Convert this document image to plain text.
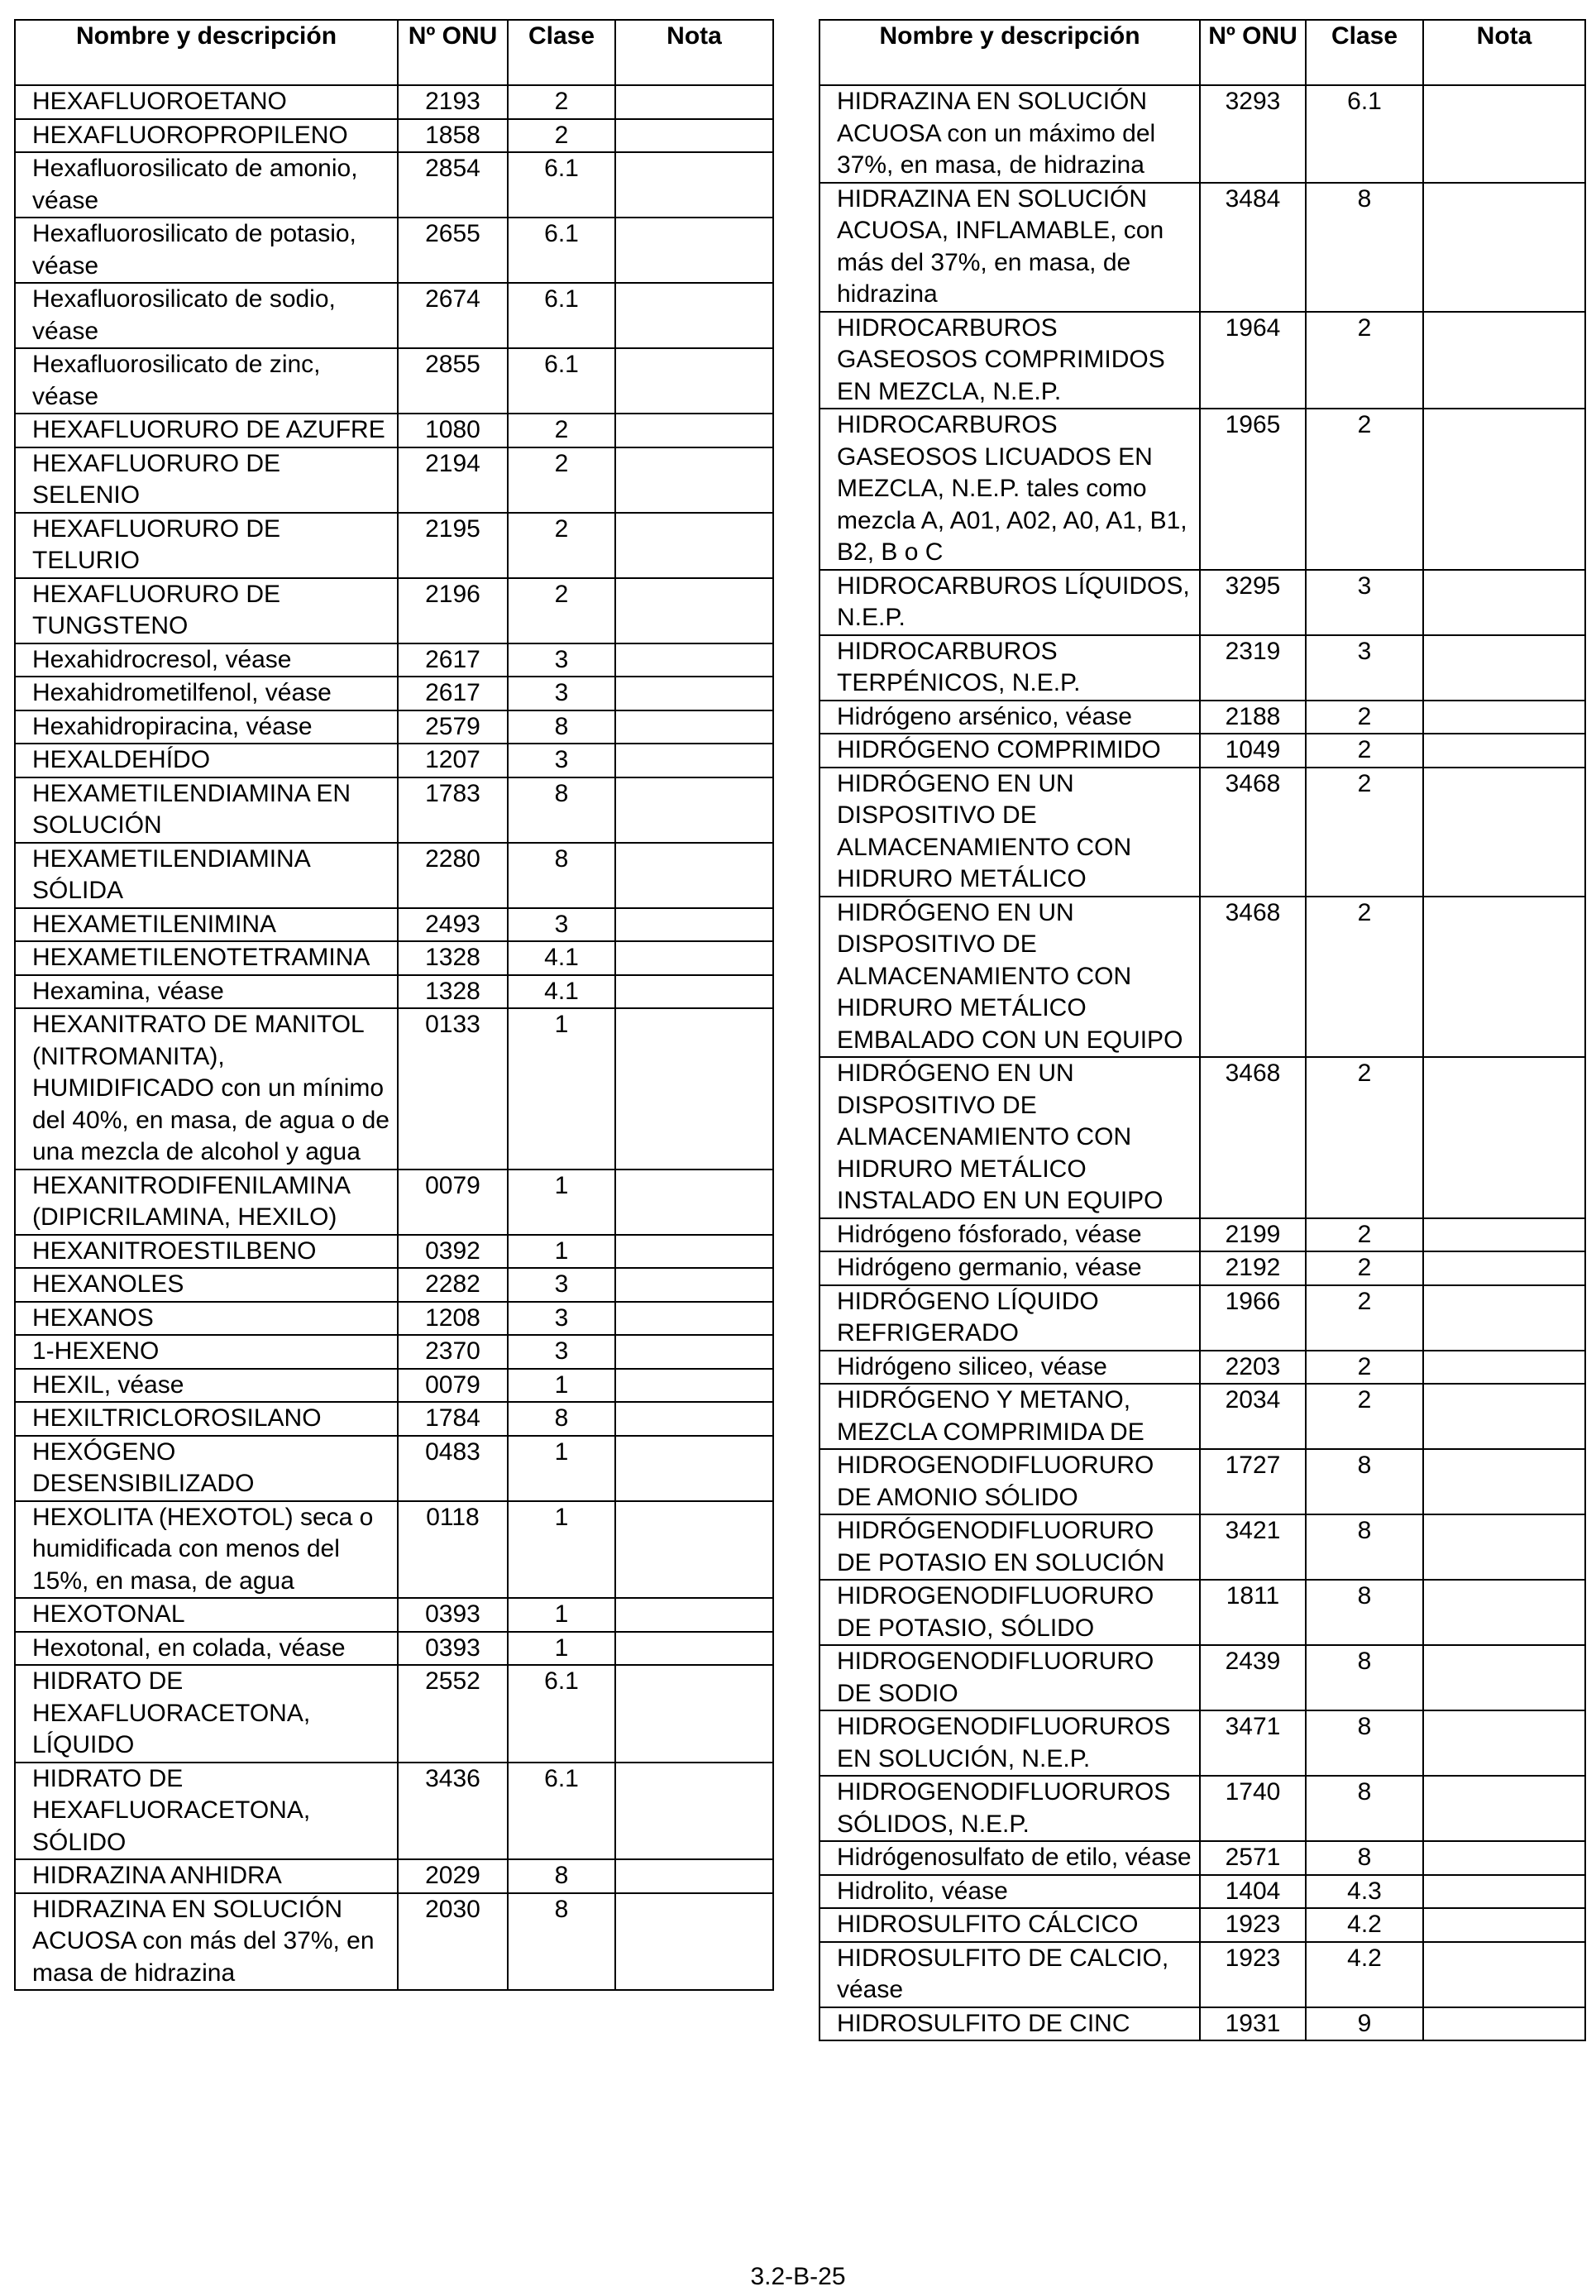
Nombre y descripción	Nº ONU	Clase	Nota
HEXAFLUOROETANO	2193	2	
HEXAFLUOROPROPILENO	1858	2	
Hexafluorosilicato de amonio, véase	2854	6.1	
Hexafluorosilicato de potasio, véase	2655	6.1	
Hexafluorosilicato de sodio, véase	2674	6.1	
Hexafluorosilicato de zinc, véase	2855	6.1	
HEXAFLUORURO DE AZUFRE	1080	2	
HEXAFLUORURO DE SELENIO	2194	2	
HEXAFLUORURO DE TELURIO	2195	2	
HEXAFLUORURO DE TUNGSTENO	2196	2	
Hexahidrocresol, véase	2617	3	
Hexahidrometilfenol, véase	2617	3	
Hexahidropiracina, véase	2579	8	
HEXALDEHÍDO	1207	3	
HEXAMETILENDIAMINA EN SOLUCIÓN	1783	8	
HEXAMETILENDIAMINA SÓLIDA	2280	8	
HEXAMETILENIMINA	2493	3	
HEXAMETILENOTETRAMINA	1328	4.1	
Hexamina, véase	1328	4.1	
HEXANITRATO DE MANITOL (NITROMANITA), HUMIDIFICADO con un mínimo del 40%, en masa, de agua o de una mezcla de alcohol y agua	0133	1	
HEXANITRODIFENILAMINA (DIPICRILAMINA, HEXILO)	0079	1	
HEXANITROESTILBENO	0392	1	
HEXANOLES	2282	3	
HEXANOS	1208	3	
1-HEXENO	2370	3	
HEXIL, véase	0079	1	
HEXILTRICLOROSILANO	1784	8	
HEXÓGENO DESENSIBILIZADO	0483	1	
HEXOLITA (HEXOTOL) seca o humidificada con menos del 15%, en masa, de agua	0118	1	
HEXOTONAL	0393	1	
Hexotonal, en colada, véase	0393	1	
HIDRATO DE HEXAFLUORACETONA, LÍQUIDO	2552	6.1	
HIDRATO DE HEXAFLUORACETONA, SÓLIDO	3436	6.1	
HIDRAZINA ANHIDRA	2029	8	
HIDRAZINA EN SOLUCIÓN ACUOSA con más del 37%, en masa de hidrazina	2030	8	
Nombre y descripción	Nº ONU	Clase	Nota
HIDRAZINA EN SOLUCIÓN ACUOSA con un máximo del 37%, en masa, de hidrazina	3293	6.1	
HIDRAZINA EN SOLUCIÓN ACUOSA, INFLAMABLE, con más del 37%, en masa, de hidrazina	3484	8	
HIDROCARBUROS GASEOSOS COMPRIMIDOS EN MEZCLA, N.E.P.	1964	2	
HIDROCARBUROS GASEOSOS LICUADOS EN MEZCLA, N.E.P. tales como mezcla A, A01, A02, A0, A1, B1, B2, B o C	1965	2	
HIDROCARBUROS LÍQUIDOS, N.E.P.	3295	3	
HIDROCARBUROS TERPÉNICOS, N.E.P.	2319	3	
Hidrógeno arsénico, véase	2188	2	
HIDRÓGENO COMPRIMIDO	1049	2	
HIDRÓGENO EN UN DISPOSITIVO DE ALMACENAMIENTO CON HIDRURO METÁLICO	3468	2	
HIDRÓGENO EN UN DISPOSITIVO DE ALMACENAMIENTO CON HIDRURO METÁLICO EMBALADO CON UN EQUIPO	3468	2	
HIDRÓGENO EN UN DISPOSITIVO DE ALMACENAMIENTO CON HIDRURO METÁLICO INSTALADO EN UN EQUIPO	3468	2	
Hidrógeno fósforado, véase	2199	2	
Hidrógeno germanio, véase	2192	2	
HIDRÓGENO LÍQUIDO REFRIGERADO	1966	2	
Hidrógeno siliceo, véase	2203	2	
HIDRÓGENO Y METANO, MEZCLA COMPRIMIDA DE	2034	2	
HIDROGENODIFLUORURO DE AMONIO SÓLIDO	1727	8	
HIDRÓGENODIFLUORURO DE POTASIO EN SOLUCIÓN	3421	8	
HIDROGENODIFLUORURO DE POTASIO, SÓLIDO	1811	8	
HIDROGENODIFLUORURO DE SODIO	2439	8	
HIDROGENODIFLUORUROS EN SOLUCIÓN, N.E.P.	3471	8	
HIDROGENODIFLUORUROS SÓLIDOS, N.E.P.	1740	8	
Hidrógenosulfato de etilo, véase	2571	8	
Hidrolito, véase	1404	4.3	
HIDROSULFITO CÁLCICO	1923	4.2	
HIDROSULFITO DE CALCIO, véase	1923	4.2	
HIDROSULFITO DE CINC	1931	9	
3.2-B-25
